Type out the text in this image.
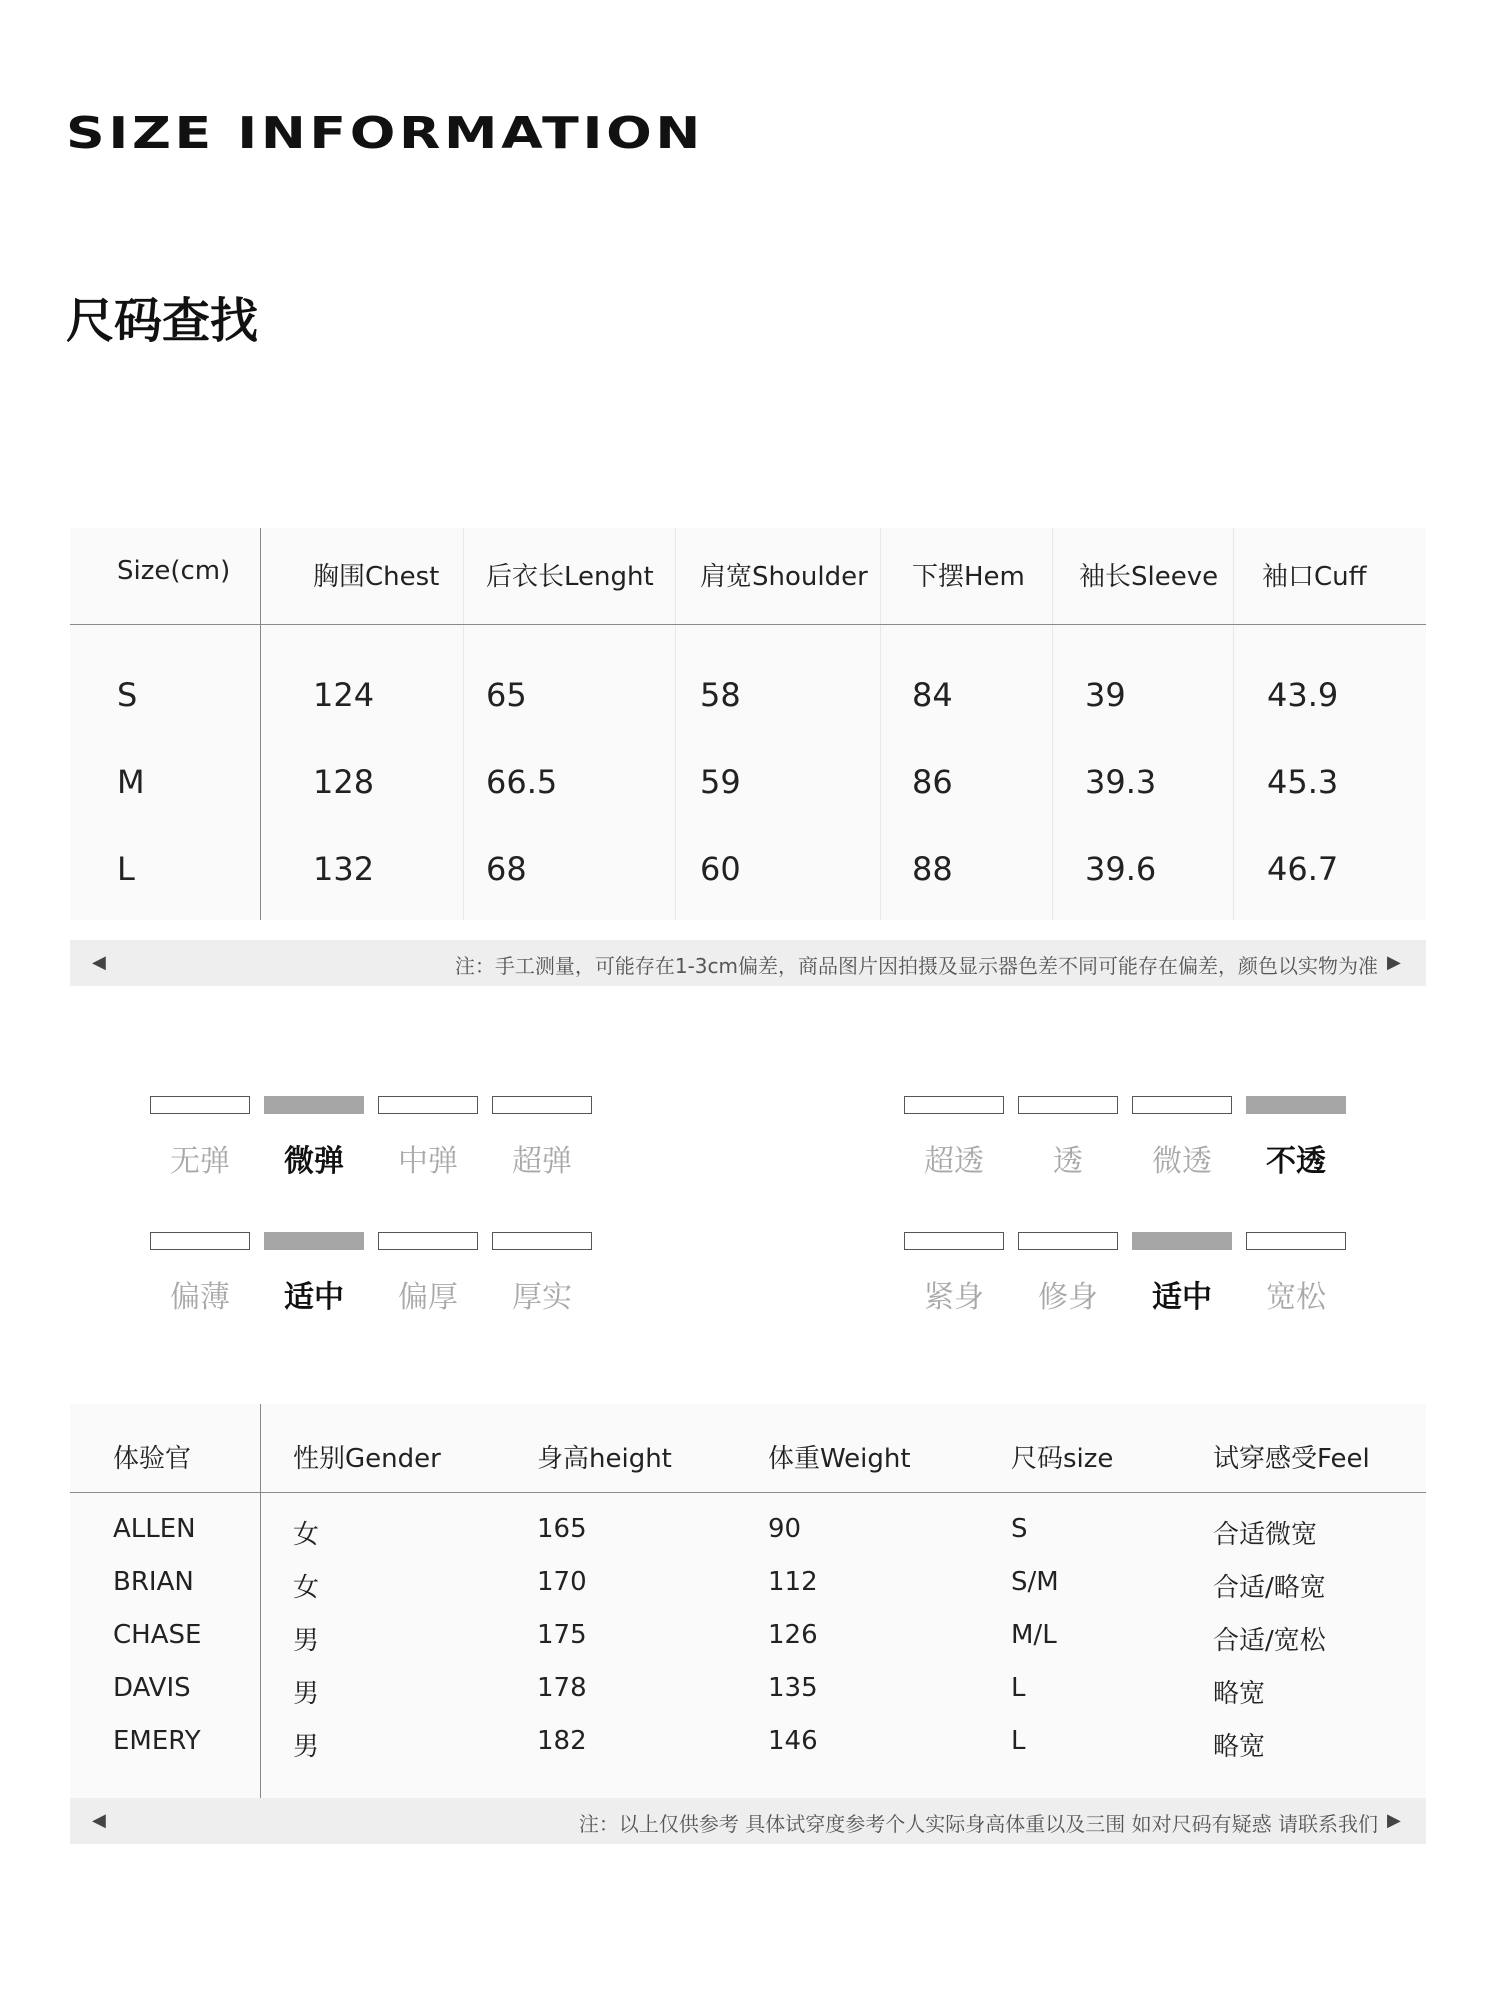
SIZE INFORMATION
尺码查找
Size(cm)	胸围Chest 后衣长Lenght 肩宽Shoulder 下摆Hem 袖长Sleeve 袖口Cuff
S	124	65	58	84	39	43.9
M	128	66.5	59	86	39.3	45.3
L	132	68	60	88	39.6	46.7
◀	注：手工测量，可能存在1-3cm偏差，商品图片因拍摄及显示器色差不同可能存在偏差，颜色以实物为准 ▶
无弹	微弹	中弹	超弹	超透	透	微透	不透
偏薄	适中	偏厚	厚实	紧身	修身	适中	宽松
体验官	性别Gender	身高height	体重Weight	尺码size	试穿感受Feel
ALLEN	女	165	90	S	合适微宽
BRIAN	女	170	112	S/M	合适/略宽
CHASE	男	175	126	M/L	合适/宽松
DAVIS	男	178	135	L	略宽
EMERY	男	182	146	L	略宽
◀	注：以上仅供参考 具体试穿度参考个人实际身高体重以及三围 如对尺码有疑惑 请联系我们 ▶
